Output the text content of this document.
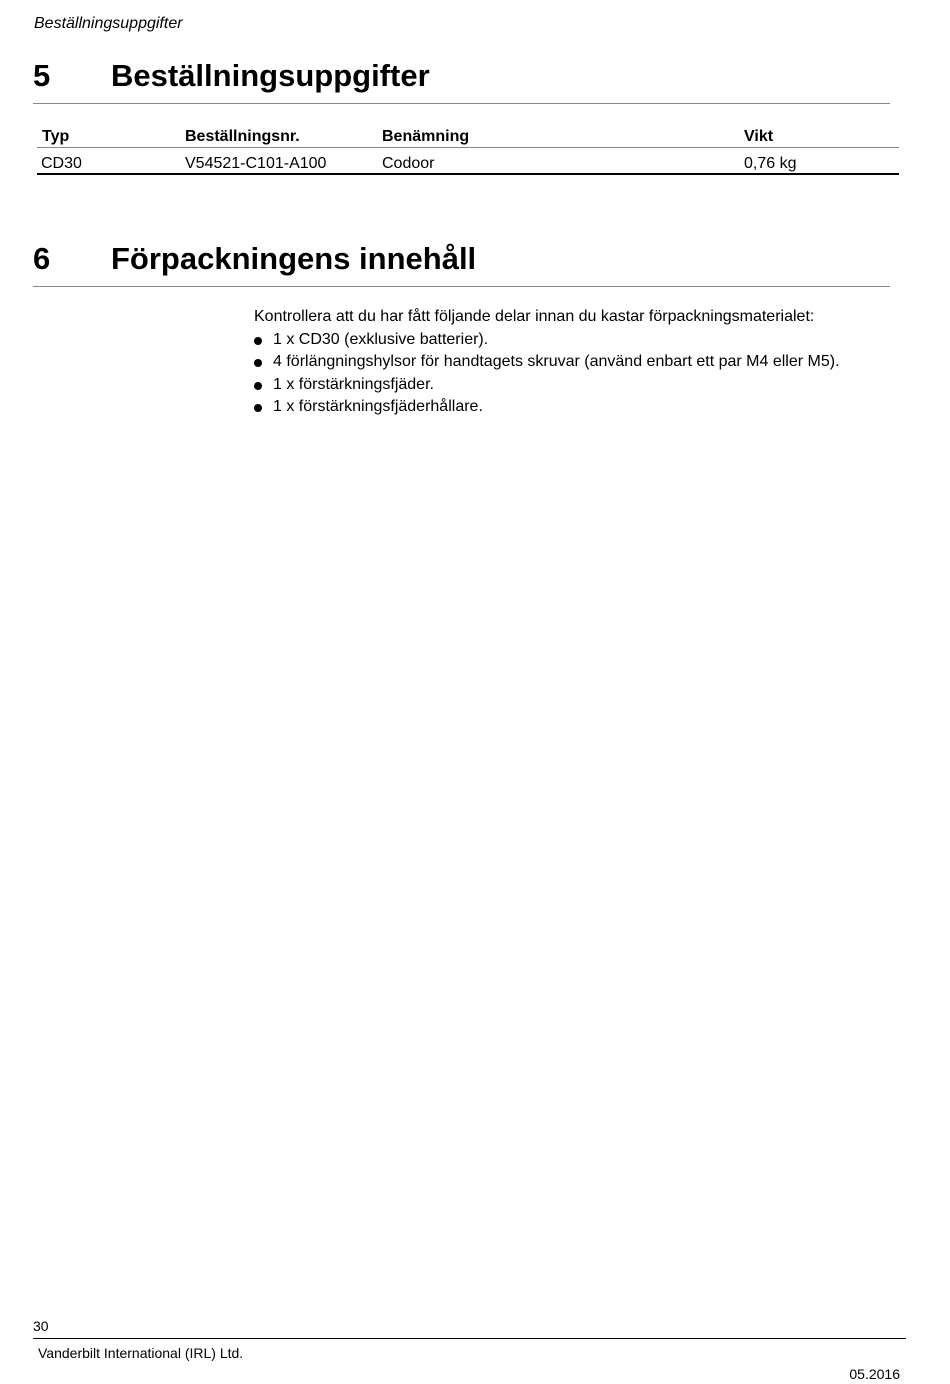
Beställningsuppgifter
5 Beställningsuppgifter
Typ	Beställningsnr.	Benämning	Vikt
CD30	V54521-C101-A100	Codoor	0,76 kg
6 Förpackningens innehåll
Kontrollera att du har fått följande delar innan du kastar förpackningsmaterialet:
1 x CD30 (exklusive batterier).
4 förlängningshylsor för handtagets skruvar (använd enbart ett par M4 eller M5).
1 x förstärkningsfjäder.
1 x förstärkningsfjäderhållare.
30
Vanderbilt International (IRL) Ltd.
05.2016
